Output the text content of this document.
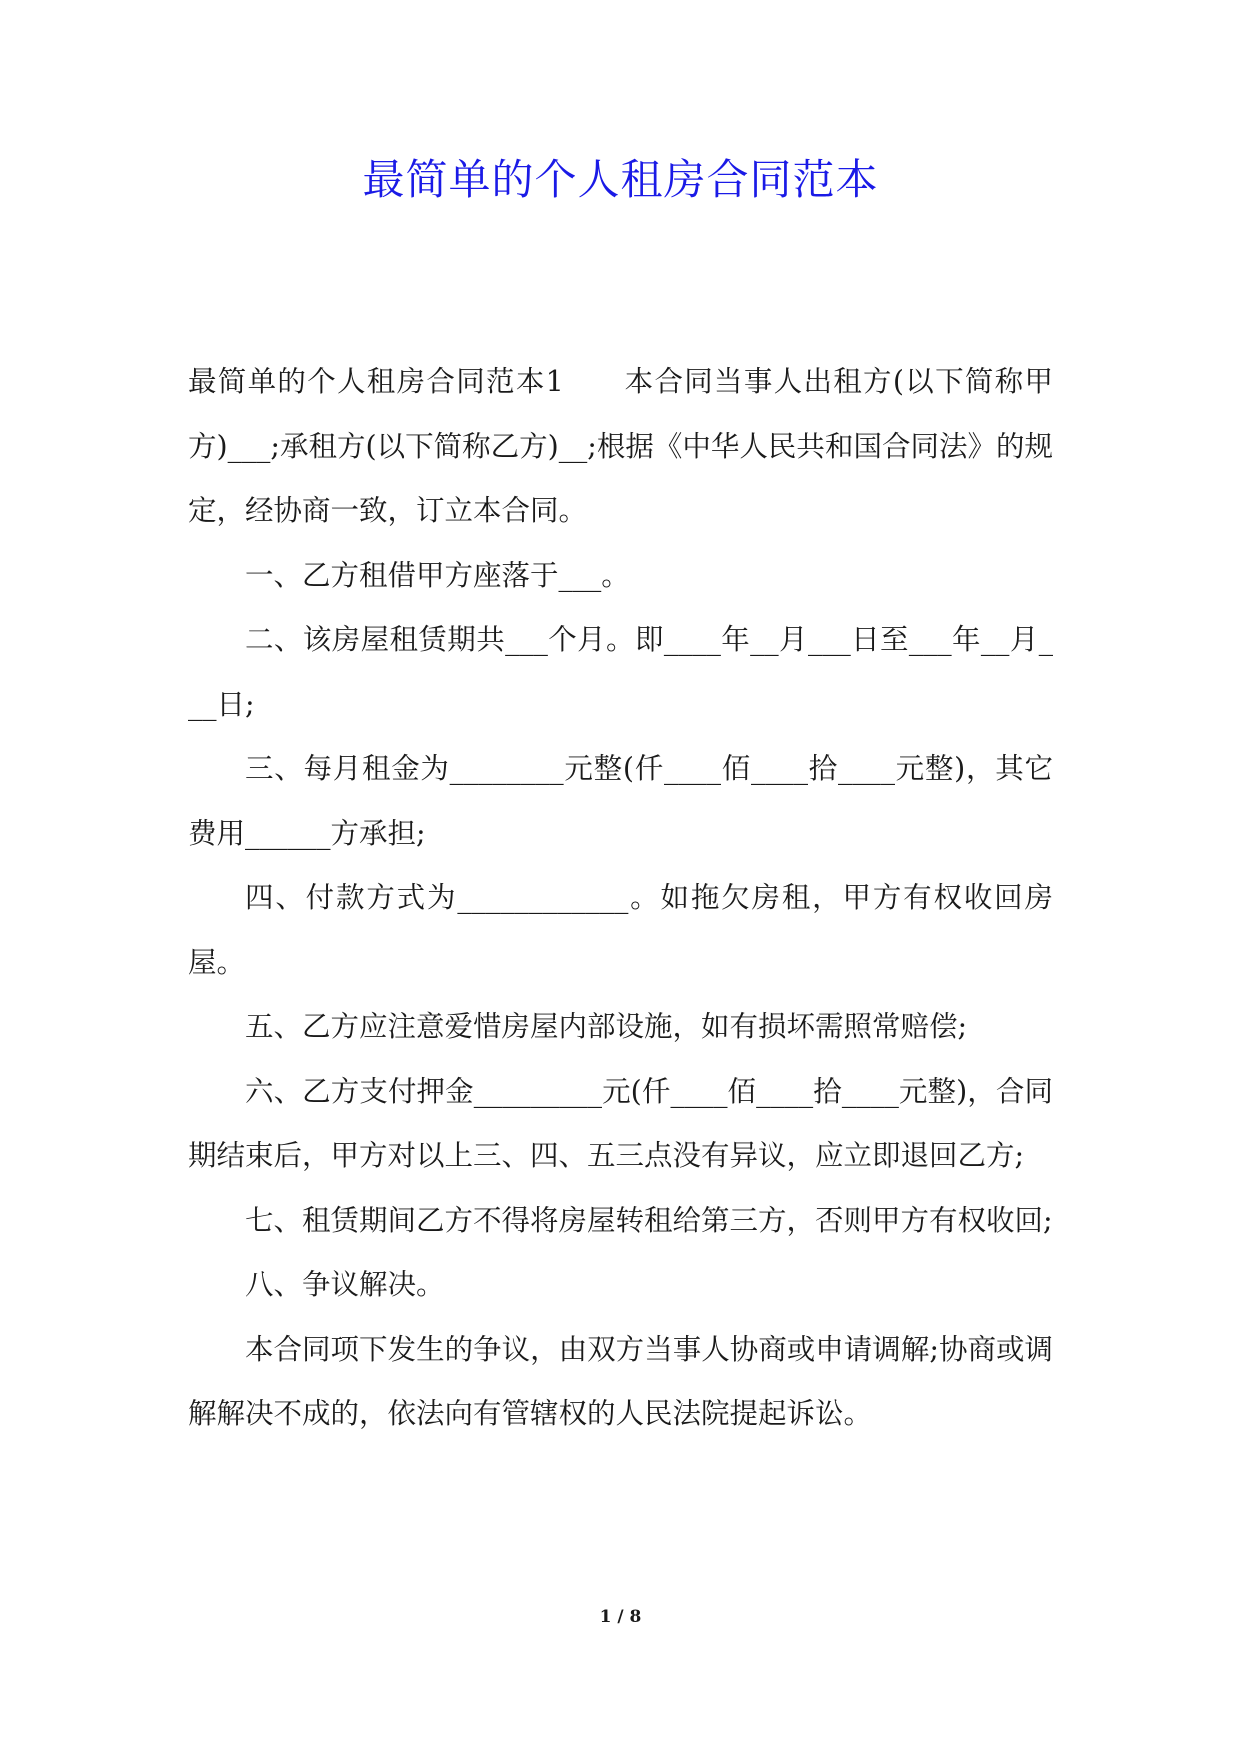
最简单的个人租房合同范本

最简单的个人租房合同范本1　　本合同当事人出租方(以下简称甲方)___;承租方(以下简称乙方)__;根据《中华人民共和国合同法》的规定，经协商一致，订立本合同。

一、乙方租借甲方座落于___。

二、该房屋租赁期共___个月。即____年__月___日至___年__月___日;

三、每月租金为________元整(仟____佰____拾____元整)，其它费用______方承担;

四、付款方式为____________。如拖欠房租，甲方有权收回房屋。

五、乙方应注意爱惜房屋内部设施，如有损坏需照常赔偿;

六、乙方支付押金_________元(仟____佰____拾____元整)，合同期结束后，甲方对以上三、四、五三点没有异议，应立即退回乙方;

七、租赁期间乙方不得将房屋转租给第三方，否则甲方有权收回;

八、争议解决。

本合同项下发生的争议，由双方当事人协商或申请调解;协商或调解解决不成的，依法向有管辖权的人民法院提起诉讼。

1 / 8
